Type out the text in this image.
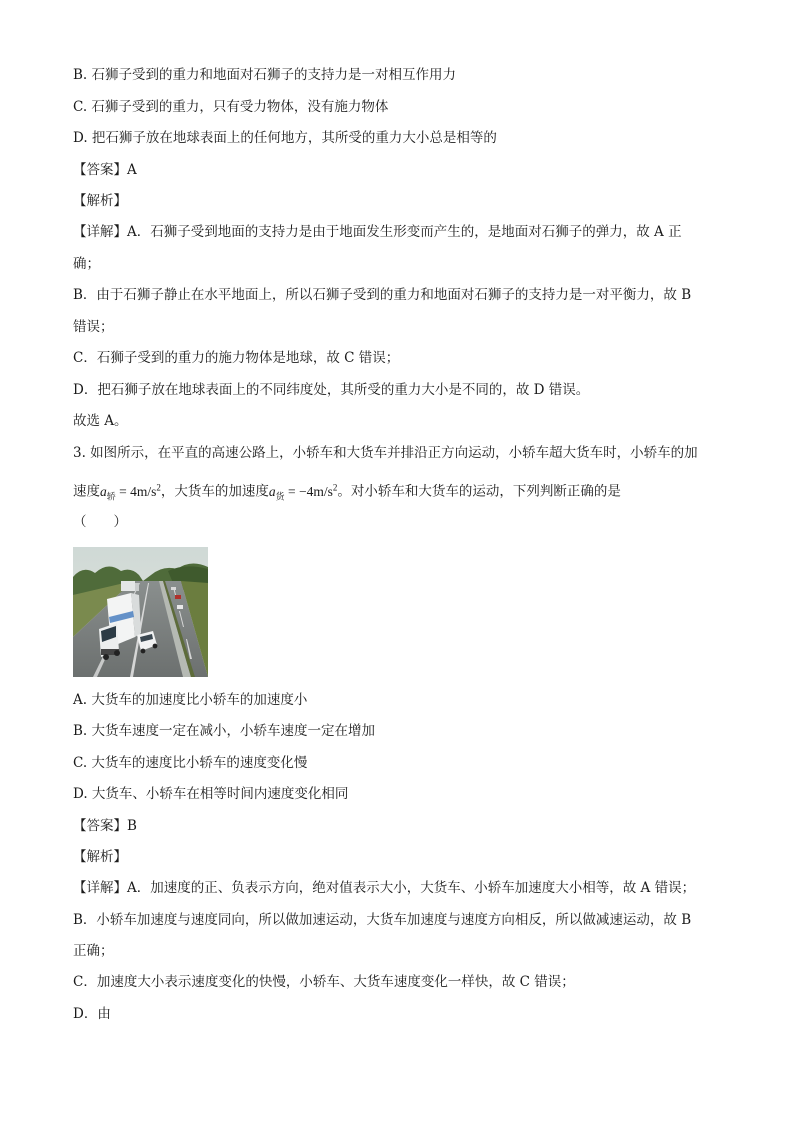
B. 石狮子受到的重力和地面对石狮子的支持力是一对相互作用力
C. 石狮子受到的重力，只有受力物体，没有施力物体
D. 把石狮子放在地球表面上的任何地方，其所受的重力大小总是相等的
【答案】A
【解析】
【详解】A．石狮子受到地面的支持力是由于地面发生形变而产生的，是地面对石狮子的弹力，故 A 正
确；
B．由于石狮子静止在水平地面上，所以石狮子受到的重力和地面对石狮子的支持力是一对平衡力，故 B
错误；
C．石狮子受到的重力的施力物体是地球，故 C 错误；
D．把石狮子放在地球表面上的不同纬度处，其所受的重力大小是不同的，故 D 错误。
故选 A。
3. 如图所示，在平直的高速公路上，小轿车和大货车并排沿正方向运动，小轿车超大货车时，小轿车的加
速度$a_轿 = 4m/s^2$，大货车的加速度$a_货 = -4m/s^2$。对小轿车和大货车的运动，下列判断正确的是
（　　）
A. 大货车的加速度比小轿车的加速度小
B. 大货车速度一定在减小，小轿车速度一定在增加
C. 大货车的速度比小轿车的速度变化慢
D. 大货车、小轿车在相等时间内速度变化相同
【答案】B
【解析】
【详解】A．加速度的正、负表示方向，绝对值表示大小，大货车、小轿车加速度大小相等，故 A 错误；
B．小轿车加速度与速度同向，所以做加速运动，大货车加速度与速度方向相反，所以做减速运动，故 B
正确；
C．加速度大小表示速度变化的快慢，小轿车、大货车速度变化一样快，故 C 错误；
D．由
